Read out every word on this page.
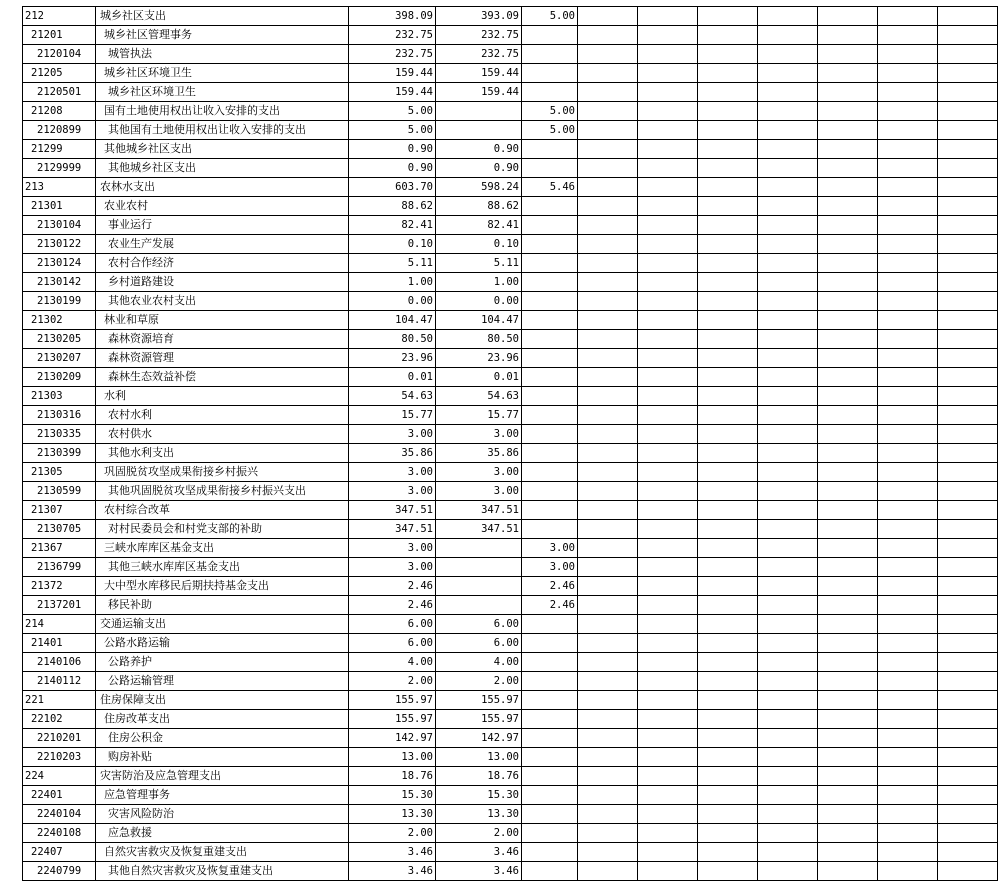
212	城乡社区支出	398.09	393.09	5.00							
21201	城乡社区管理事务	232.75	232.75								
2120104	城管执法	232.75	232.75								
21205	城乡社区环境卫生	159.44	159.44								
2120501	城乡社区环境卫生	159.44	159.44								
21208	国有土地使用权出让收入安排的支出	5.00		5.00							
2120899	其他国有土地使用权出让收入安排的支出	5.00		5.00							
21299	其他城乡社区支出	0.90	0.90								
2129999	其他城乡社区支出	0.90	0.90								
213	农林水支出	603.70	598.24	5.46							
21301	农业农村	88.62	88.62								
2130104	事业运行	82.41	82.41								
2130122	农业生产发展	0.10	0.10								
2130124	农村合作经济	5.11	5.11								
2130142	乡村道路建设	1.00	1.00								
2130199	其他农业农村支出	0.00	0.00								
21302	林业和草原	104.47	104.47								
2130205	森林资源培育	80.50	80.50								
2130207	森林资源管理	23.96	23.96								
2130209	森林生态效益补偿	0.01	0.01								
21303	水利	54.63	54.63								
2130316	农村水利	15.77	15.77								
2130335	农村供水	3.00	3.00								
2130399	其他水利支出	35.86	35.86								
21305	巩固脱贫攻坚成果衔接乡村振兴	3.00	3.00								
2130599	其他巩固脱贫攻坚成果衔接乡村振兴支出	3.00	3.00								
21307	农村综合改革	347.51	347.51								
2130705	对村民委员会和村党支部的补助	347.51	347.51								
21367	三峡水库库区基金支出	3.00		3.00							
2136799	其他三峡水库库区基金支出	3.00		3.00							
21372	大中型水库移民后期扶持基金支出	2.46		2.46							
2137201	移民补助	2.46		2.46							
214	交通运输支出	6.00	6.00								
21401	公路水路运输	6.00	6.00								
2140106	公路养护	4.00	4.00								
2140112	公路运输管理	2.00	2.00								
221	住房保障支出	155.97	155.97								
22102	住房改革支出	155.97	155.97								
2210201	住房公积金	142.97	142.97								
2210203	购房补贴	13.00	13.00								
224	灾害防治及应急管理支出	18.76	18.76								
22401	应急管理事务	15.30	15.30								
2240104	灾害风险防治	13.30	13.30								
2240108	应急救援	2.00	2.00								
22407	自然灾害救灾及恢复重建支出	3.46	3.46								
2240799	其他自然灾害救灾及恢复重建支出	3.46	3.46								
